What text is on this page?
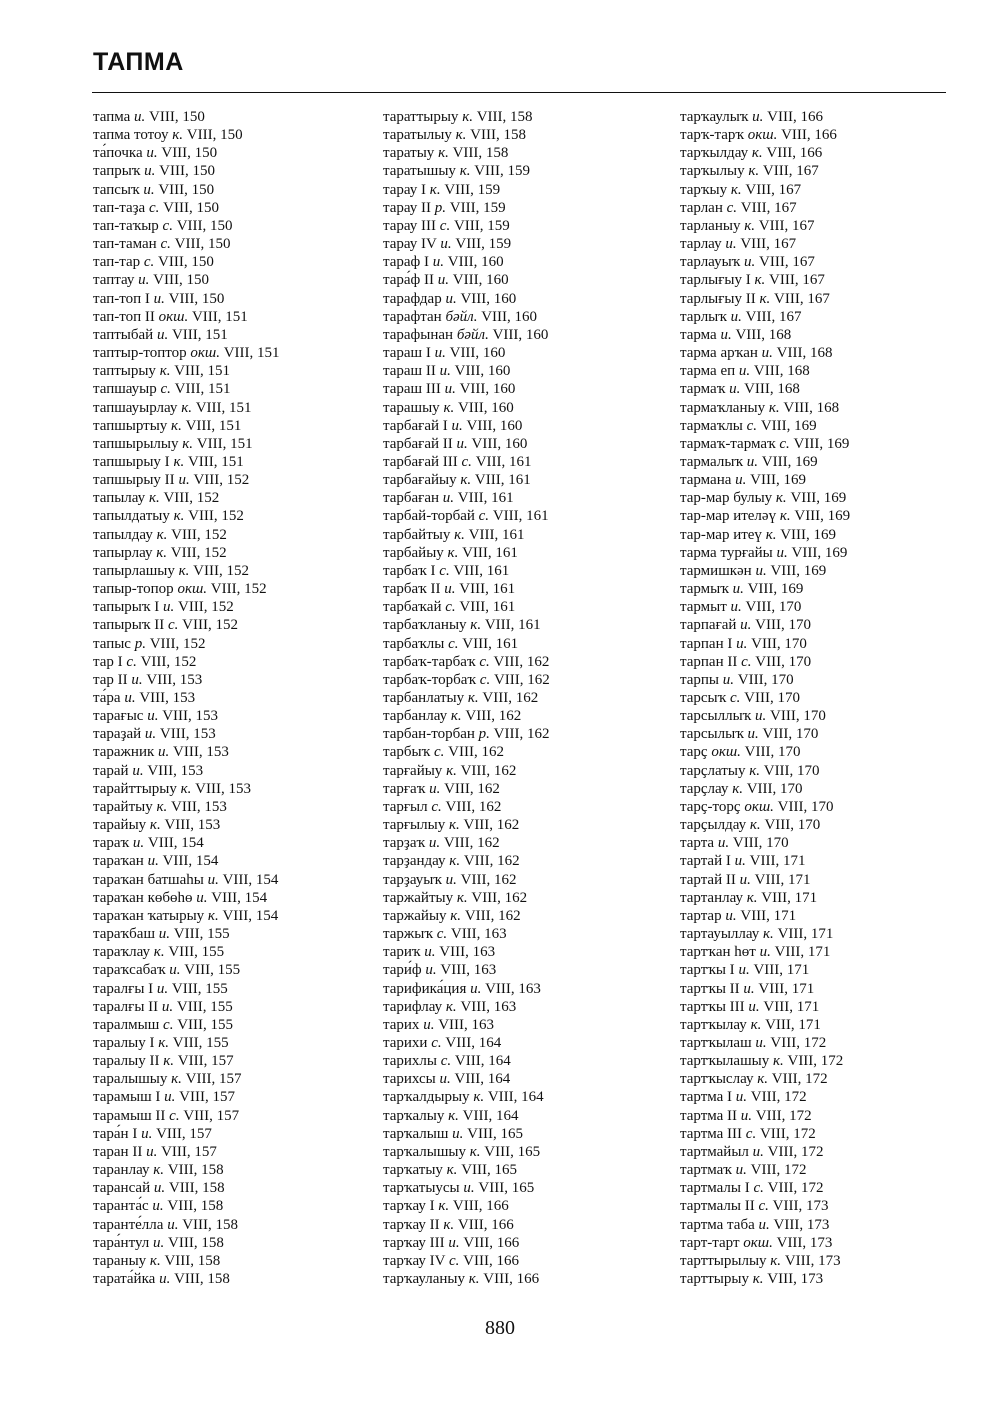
ТАПМА
тапма и. VIII, 150
тапма тотоу к. VIII, 150
та́почка и. VIII, 150
тапрыҡ и. VIII, 150
тапсыҡ и. VIII, 150
тап-таҙа с. VIII, 150
тап-таҡыр с. VIII, 150
тап-таман с. VIII, 150
тап-тар с. VIII, 150
таптау и. VIII, 150
тап-топ I и. VIII, 150
тап-топ II окш. VIII, 151
таптыбай и. VIII, 151
таптыр-топтор окш. VIII, 151
таптырыу к. VIII, 151
тапшауыр с. VIII, 151
тапшауырлау к. VIII, 151
тапшыртыу к. VIII, 151
тапшырылыу к. VIII, 151
тапшырыу I к. VIII, 151
тапшырыу II и. VIII, 152
тапылау к. VIII, 152
тапылдатыу к. VIII, 152
тапылдау к. VIII, 152
тапырлау к. VIII, 152
тапырлашыу к. VIII, 152
тапыр-топор окш. VIII, 152
тапырыҡ I и. VIII, 152
тапырыҡ II с. VIII, 152
тапыс р. VIII, 152
тар I с. VIII, 152
тар II и. VIII, 153
та́ра и. VIII, 153
тарағыс и. VIII, 153
тараҙай и. VIII, 153
таражник и. VIII, 153
тарай и. VIII, 153
тарайттырыу к. VIII, 153
тарайтыу к. VIII, 153
тарайыу к. VIII, 153
тараҡ и. VIII, 154
тараҡан и. VIII, 154
тараҡан батшаһы и. VIII, 154
тараҡан көбөһө и. VIII, 154
тараҡан ҡатырыу к. VIII, 154
тараҡбаш и. VIII, 155
тараҡлау к. VIII, 155
тараҡсабаҡ и. VIII, 155
таралғы I и. VIII, 155
таралғы II и. VIII, 155
таралмыш с. VIII, 155
таралыу I к. VIII, 155
таралыу II к. VIII, 157
таралышыу к. VIII, 157
тарамыш I и. VIII, 157
тарамыш II с. VIII, 157
тара́н I и. VIII, 157
таран II и. VIII, 157
таранлау к. VIII, 158
тарансай и. VIII, 158
таранта́с и. VIII, 158
таранте́лла и. VIII, 158
тара́нтул и. VIII, 158
тараныу к. VIII, 158
тарата́йка и. VIII, 158
тараттырыу к. VIII, 158
таратылыу к. VIII, 158
таратыу к. VIII, 158
таратышыу к. VIII, 159
тарау I к. VIII, 159
тарау II р. VIII, 159
тарау III с. VIII, 159
тарау IV и. VIII, 159
тараф I и. VIII, 160
тара́ф II и. VIII, 160
тарафдар и. VIII, 160
тарафтан бәйл. VIII, 160
тарафынан бәйл. VIII, 160
тараш I и. VIII, 160
тараш II и. VIII, 160
тараш III и. VIII, 160
тарашыу к. VIII, 160
тарбағай I и. VIII, 160
тарбағай II и. VIII, 160
тарбағай III с. VIII, 161
тарбағайыу к. VIII, 161
тарбаған и. VIII, 161
тарбай-торбай с. VIII, 161
тарбайтыу к. VIII, 161
тарбайыу к. VIII, 161
тарбаҡ I с. VIII, 161
тарбаҡ II и. VIII, 161
тарбаҡай с. VIII, 161
тарбаҡланыу к. VIII, 161
тарбаҡлы с. VIII, 161
тарбаҡ-тарбаҡ с. VIII, 162
тарбаҡ-торбаҡ с. VIII, 162
тарбанлатыу к. VIII, 162
тарбанлау к. VIII, 162
тарбан-торбан р. VIII, 162
тарбыҡ с. VIII, 162
тарғайыу к. VIII, 162
тарғаҡ и. VIII, 162
тарғыл с. VIII, 162
тарғылыу к. VIII, 162
тарҙаҡ и. VIII, 162
тарҙандау к. VIII, 162
тарҙауыҡ и. VIII, 162
таржайтыу к. VIII, 162
таржайыу к. VIII, 162
таржыҡ с. VIII, 163
тариҡ и. VIII, 163
тари́ф и. VIII, 163
тарифика́ция и. VIII, 163
тарифлау к. VIII, 163
тарих и. VIII, 163
тарихи с. VIII, 164
тарихлы с. VIII, 164
тарихсы и. VIII, 164
тарҡалдырыу к. VIII, 164
тарҡалыу к. VIII, 164
тарҡалыш и. VIII, 165
тарҡалышыу к. VIII, 165
тарҡатыу к. VIII, 165
тарҡатыусы и. VIII, 165
тарҡау I к. VIII, 166
тарҡау II к. VIII, 166
тарҡау III и. VIII, 166
тарҡау IV с. VIII, 166
тарҡауланыу к. VIII, 166
тарҡаулыҡ и. VIII, 166
тарҡ-тарҡ окш. VIII, 166
тарҡылдау к. VIII, 166
тарҡылыу к. VIII, 167
тарҡыу к. VIII, 167
тарлан с. VIII, 167
тарланыу к. VIII, 167
тарлау и. VIII, 167
тарлауыҡ и. VIII, 167
тарлығыу I к. VIII, 167
тарлығыу II к. VIII, 167
тарлыҡ и. VIII, 167
тарма и. VIII, 168
тарма арҡан и. VIII, 168
тарма еп и. VIII, 168
тармаҡ и. VIII, 168
тармаҡланыу к. VIII, 168
тармаҡлы с. VIII, 169
тармаҡ-тармаҡ с. VIII, 169
тармалыҡ и. VIII, 169
тармана и. VIII, 169
тар-мар булыу к. VIII, 169
тар-мар ителәү к. VIII, 169
тар-мар итеү к. VIII, 169
тарма турғайы и. VIII, 169
тармишкән и. VIII, 169
тармыҡ и. VIII, 169
тармыт и. VIII, 170
тарпағай и. VIII, 170
тарпан I и. VIII, 170
тарпан II с. VIII, 170
тарпы и. VIII, 170
тарсыҡ с. VIII, 170
тарсыллыҡ и. VIII, 170
тарсылыҡ и. VIII, 170
тарҫ окш. VIII, 170
тарҫлатыу к. VIII, 170
тарҫлау к. VIII, 170
тарҫ-торҫ окш. VIII, 170
тарҫылдау к. VIII, 170
тарта и. VIII, 170
тартай I и. VIII, 171
тартай II и. VIII, 171
тартанлау к. VIII, 171
тартар и. VIII, 171
тартауыллау к. VIII, 171
тартҡан һөт и. VIII, 171
тартҡы I и. VIII, 171
тартҡы II и. VIII, 171
тартҡы III и. VIII, 171
тартҡылау к. VIII, 171
тартҡылаш и. VIII, 172
тартҡылашыу к. VIII, 172
тартҡыслау к. VIII, 172
тартма I и. VIII, 172
тартма II и. VIII, 172
тартма III с. VIII, 172
тартмайыл и. VIII, 172
тартмаҡ и. VIII, 172
тартмалы I с. VIII, 172
тартмалы II с. VIII, 173
тартма таба и. VIII, 173
тарт-тарт окш. VIII, 173
тарттырылыу к. VIII, 173
тарттырыу к. VIII, 173
880
